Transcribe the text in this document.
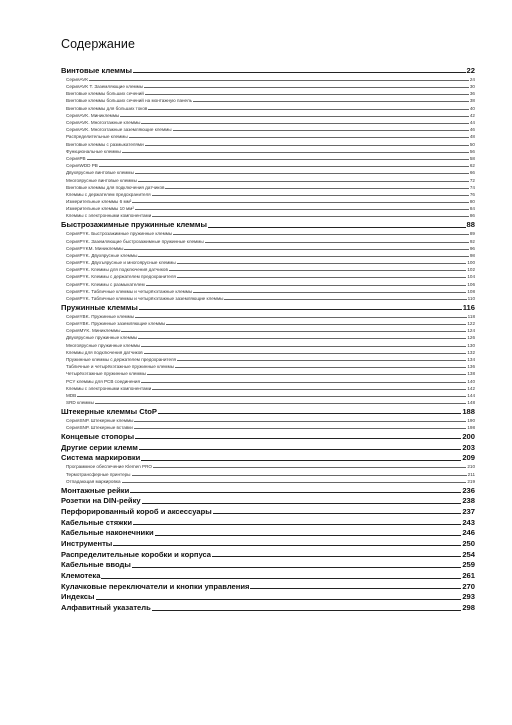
Содержание
Винтовые клеммы	22
СерияAVK	24
СерияAVK T. Заземляющие клеммы	30
Винтовые клеммы больших сечений	36
Винтовые клеммы больших сечений на монтажную панель	38
Винтовые клеммы для больших токов	40
СерияAVK. Миниклеммы	42
СерияAVK. Многоэтажные клеммы	44
СерияAVK. Многоэтажные заземляющие клеммы	46
Распределительные клеммы	48
Винтовые клеммы с размыкателями	50
Функциональные клеммы	56
СерияPB	58
СерияWDD PB	62
Двухярусные винтовые клеммы	66
Многоярусные винтовые клеммы	72
Винтовые клеммы для подключения датчиков	74
Клеммы с держателем предохранителя	76
Измерительные клеммы 6 мм²	80
Измерительные клеммы 10 мм²	84
Клеммы с электронными компонентами	86
Быстрозажимные пружинные клеммы	88
СерияPYK. Быстрозажимные пружинные клеммы	89
СерияPYK. Заземляющие быстрозажимные пружинные клеммы	92
СерияPYKM. Миниклеммы	96
СерияPYK. Двухярусные клеммы	98
СерияPYK. Двухъярусные и многоярусные клеммы	100
СерияPYK. Клеммы для подключения датчиков	102
СерияPYK. Клеммы с держателем предохранителя	104
СерияPYK. Клеммы с размыкателем	106
СерияPYK. Табличные клеммы и четырёхэтажные клеммы	108
СерияPYK. Табличные клеммы и четырёхэтажные заземляющие клеммы	110
Пружинные клеммы	116
СерияYBK. Пружинные клеммы	118
СерияYBK. Пружинные заземляющие клеммы	122
СерияMYK. Миниклеммы	124
Двухярусные пружинные клеммы	126
Многоярусные пружинные клеммы	130
Клеммы для подключения датчиков	132
Пружинные клеммы с держателем предохранителя	134
Табличные и четырёхэтажные пружинные клеммы	136
Четырёхэтажные пружинные клеммы	138
PCY клеммы для PCB соединения	140
Клеммы с электронными компонентами	142
MDB	144
SRD клеммы	148
Штекерные клеммы CtoP	188
СерияSNP. Штекерные клеммы	190
СерияSNP. Штекерные вставки	198
Концевые стопоры	200
Другие серии клемм	203
Система маркировки	209
Программное обеспечение Klemen PRO	210
Термотрансферные принтеры	211
Отпадающая маркировка	219
Монтажные рейки	236
Розетки на DIN-рейку	238
Перфорированный короб и аксессуары	237
Кабельные стяжки	243
Кабельные наконечники	246
Инструменты	250
Распределительные коробки и корпуса	254
Кабельные вводы	259
Клемотека	261
Кулачковые переключатели и кнопки управления	270
Индексы	293
Алфавитный указатель	298
